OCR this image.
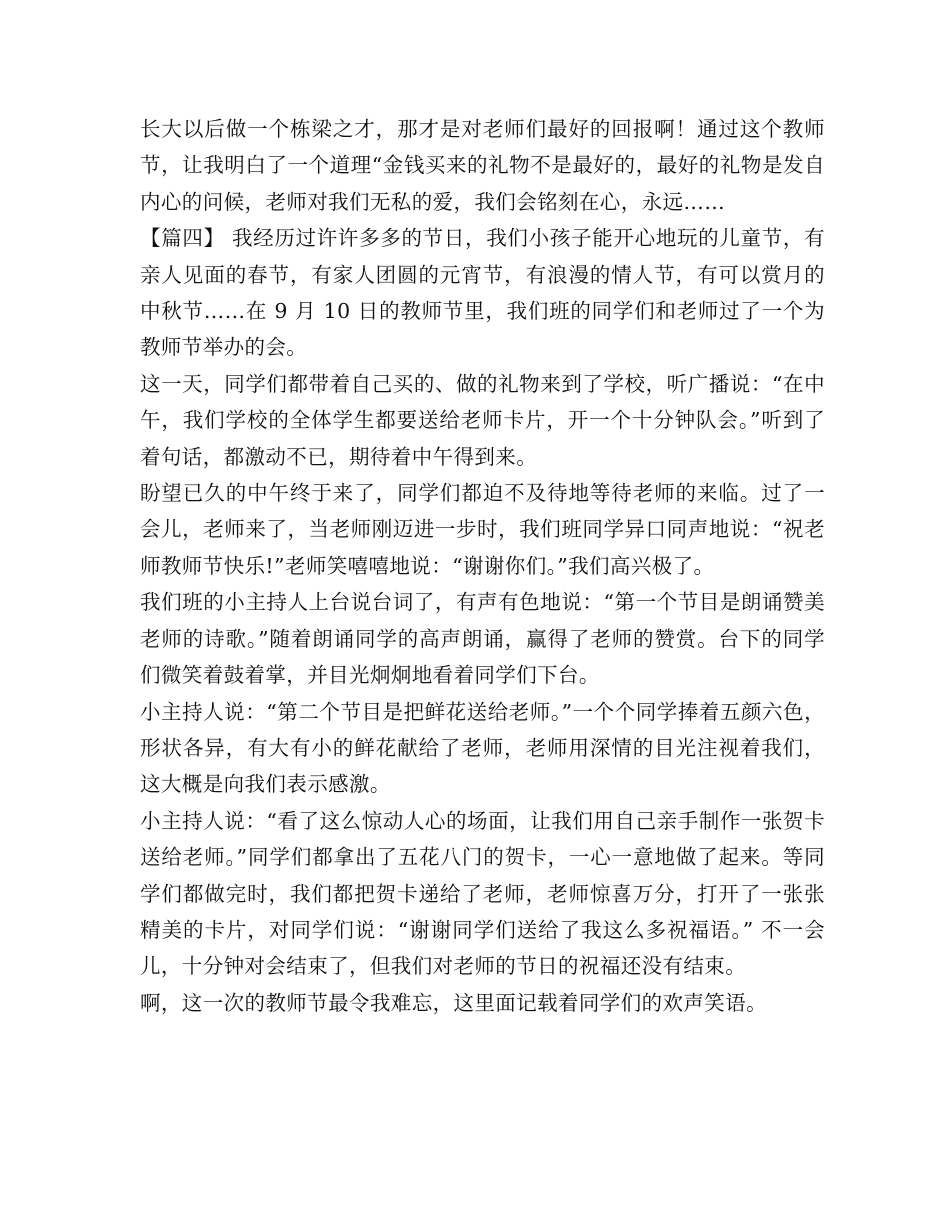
长大以后做一个栋梁之才，那才是对老师们最好的回报啊！通过这个教师节，让我明白了一个道理“金钱买来的礼物不是最好的，最好的礼物是发自内心的问候，老师对我们无私的爱，我们会铭刻在心，永远……

【篇四】 我经历过许许多多的节日，我们小孩子能开心地玩的儿童节，有亲人见面的春节，有家人团圆的元宵节，有浪漫的情人节，有可以赏月的中秋节……在 9 月 10 日的教师节里，我们班的同学们和老师过了一个为教师节举办的会。

这一天，同学们都带着自己买的、做的礼物来到了学校，听广播说：“在中午，我们学校的全体学生都要送给老师卡片，开一个十分钟队会。”听到了着句话，都激动不已，期待着中午得到来。

盼望已久的中午终于来了，同学们都迫不及待地等待老师的来临。过了一会儿，老师来了，当老师刚迈进一步时，我们班同学异口同声地说：“祝老师教师节快乐!”老师笑嘻嘻地说：“谢谢你们。”我们高兴极了。

我们班的小主持人上台说台词了，有声有色地说：“第一个节目是朗诵赞美老师的诗歌。”随着朗诵同学的高声朗诵，赢得了老师的赞赏。台下的同学们微笑着鼓着掌，并目光炯炯地看着同学们下台。

小主持人说：“第二个节目是把鲜花送给老师。”一个个同学捧着五颜六色，形状各异，有大有小的鲜花献给了老师，老师用深情的目光注视着我们，这大概是向我们表示感激。

小主持人说：“看了这么惊动人心的场面，让我们用自己亲手制作一张贺卡送给老师。”同学们都拿出了五花八门的贺卡，一心一意地做了起来。等同学们都做完时，我们都把贺卡递给了老师，老师惊喜万分，打开了一张张精美的卡片，对同学们说：“谢谢同学们送给了我这么多祝福语。” 不一会儿，十分钟对会结束了，但我们对老师的节日的祝福还没有结束。

啊，这一次的教师节最令我难忘，这里面记载着同学们的欢声笑语。
